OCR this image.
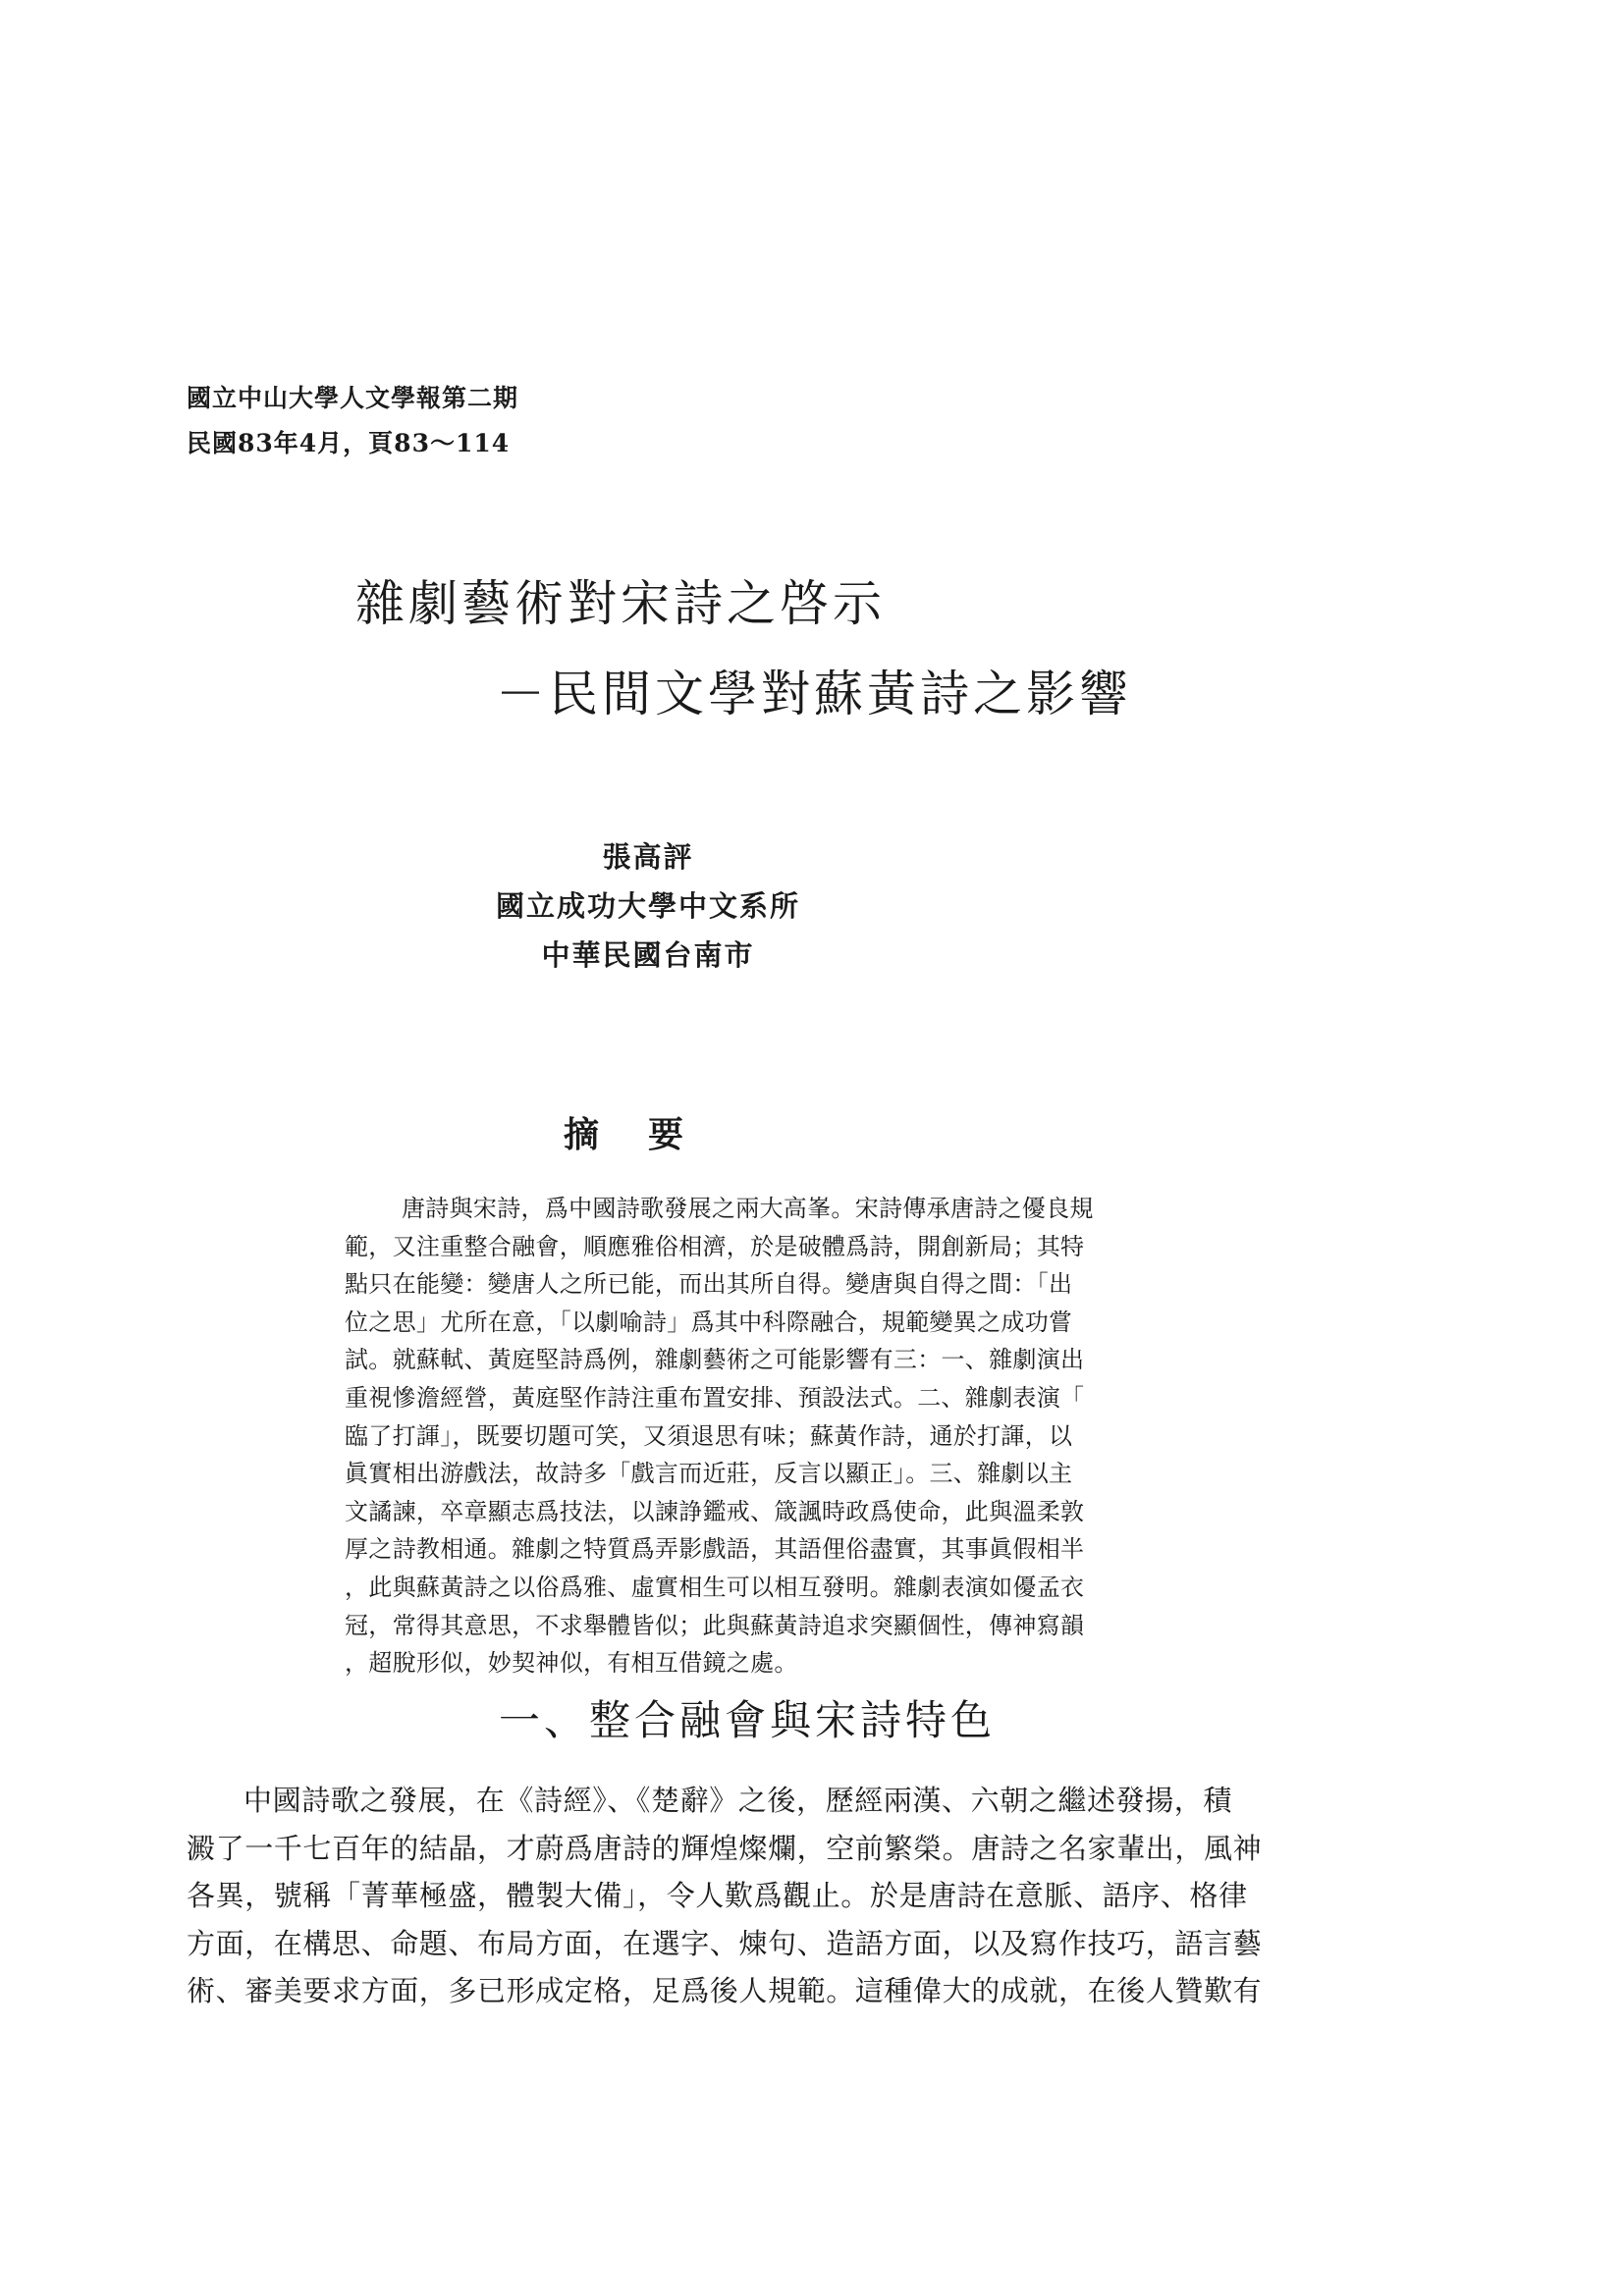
國立中山大學人文學報第二期
民國83年4月，頁83～114
雜劇藝術對宋詩之啓示
－民間文學對蘇黃詩之影響
張高評
國立成功大學中文系所
中華民國台南市
摘要
唐詩與宋詩，爲中國詩歌發展之兩大高峯。宋詩傳承唐詩之優良規
範，又注重整合融會，順應雅俗相濟，於是破體爲詩，開創新局；其特
點只在能變：變唐人之所已能，而出其所自得。變唐與自得之間：「出
位之思」尤所在意，「以劇喻詩」爲其中科際融合，規範變異之成功嘗
試。就蘇軾、黃庭堅詩爲例，雜劇藝術之可能影響有三：一、雜劇演出
重視慘澹經營，黃庭堅作詩注重布置安排、預設法式。二、雜劇表演「
臨了打諢」，既要切題可笑，又須退思有味；蘇黃作詩，通於打諢，以
眞實相出游戲法，故詩多「戲言而近莊，反言以顯正」。三、雜劇以主
文譎諫，卒章顯志爲技法，以諫諍鑑戒、箴諷時政爲使命，此與溫柔敦
厚之詩教相通。雜劇之特質爲弄影戲語，其語俚俗盡實，其事眞假相半
，此與蘇黃詩之以俗爲雅、虛實相生可以相互發明。雜劇表演如優孟衣
冠，常得其意思，不求舉體皆似；此與蘇黃詩追求突顯個性，傳神寫韻
，超脫形似，妙契神似，有相互借鏡之處。
一、整合融會與宋詩特色
中國詩歌之發展，在《詩經》、《楚辭》之後，歷經兩漢、六朝之繼述發揚，積
澱了一千七百年的結晶，才蔚爲唐詩的輝煌燦爛，空前繁榮。唐詩之名家輩出，風神
各異，號稱「菁華極盛，體製大備」，令人歎爲觀止。於是唐詩在意脈、語序、格律
方面，在構思、命題、布局方面，在選字、煉句、造語方面，以及寫作技巧，語言藝
術、審美要求方面，多已形成定格，足爲後人規範。這種偉大的成就，在後人贊歎有
